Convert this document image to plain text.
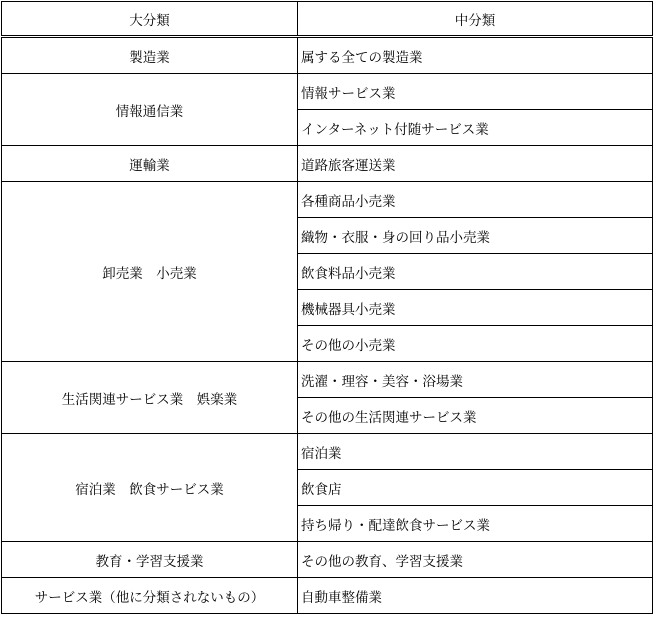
大分類	中分類
製造業	属する全ての製造業
情報通信業	情報サービス業
	インターネット付随サービス業
運輸業	道路旅客運送業
卸売業　小売業	各種商品小売業
	織物・衣服・身の回り品小売業
	飲食料品小売業
	機械器具小売業
	その他の小売業
生活関連サービス業　娯楽業	洗濯・理容・美容・浴場業
	その他の生活関連サービス業
宿泊業　飲食サービス業	宿泊業
	飲食店
	持ち帰り・配達飲食サービス業
教育・学習支援業	その他の教育、学習支援業
サービス業（他に分類されないもの）	自動車整備業
